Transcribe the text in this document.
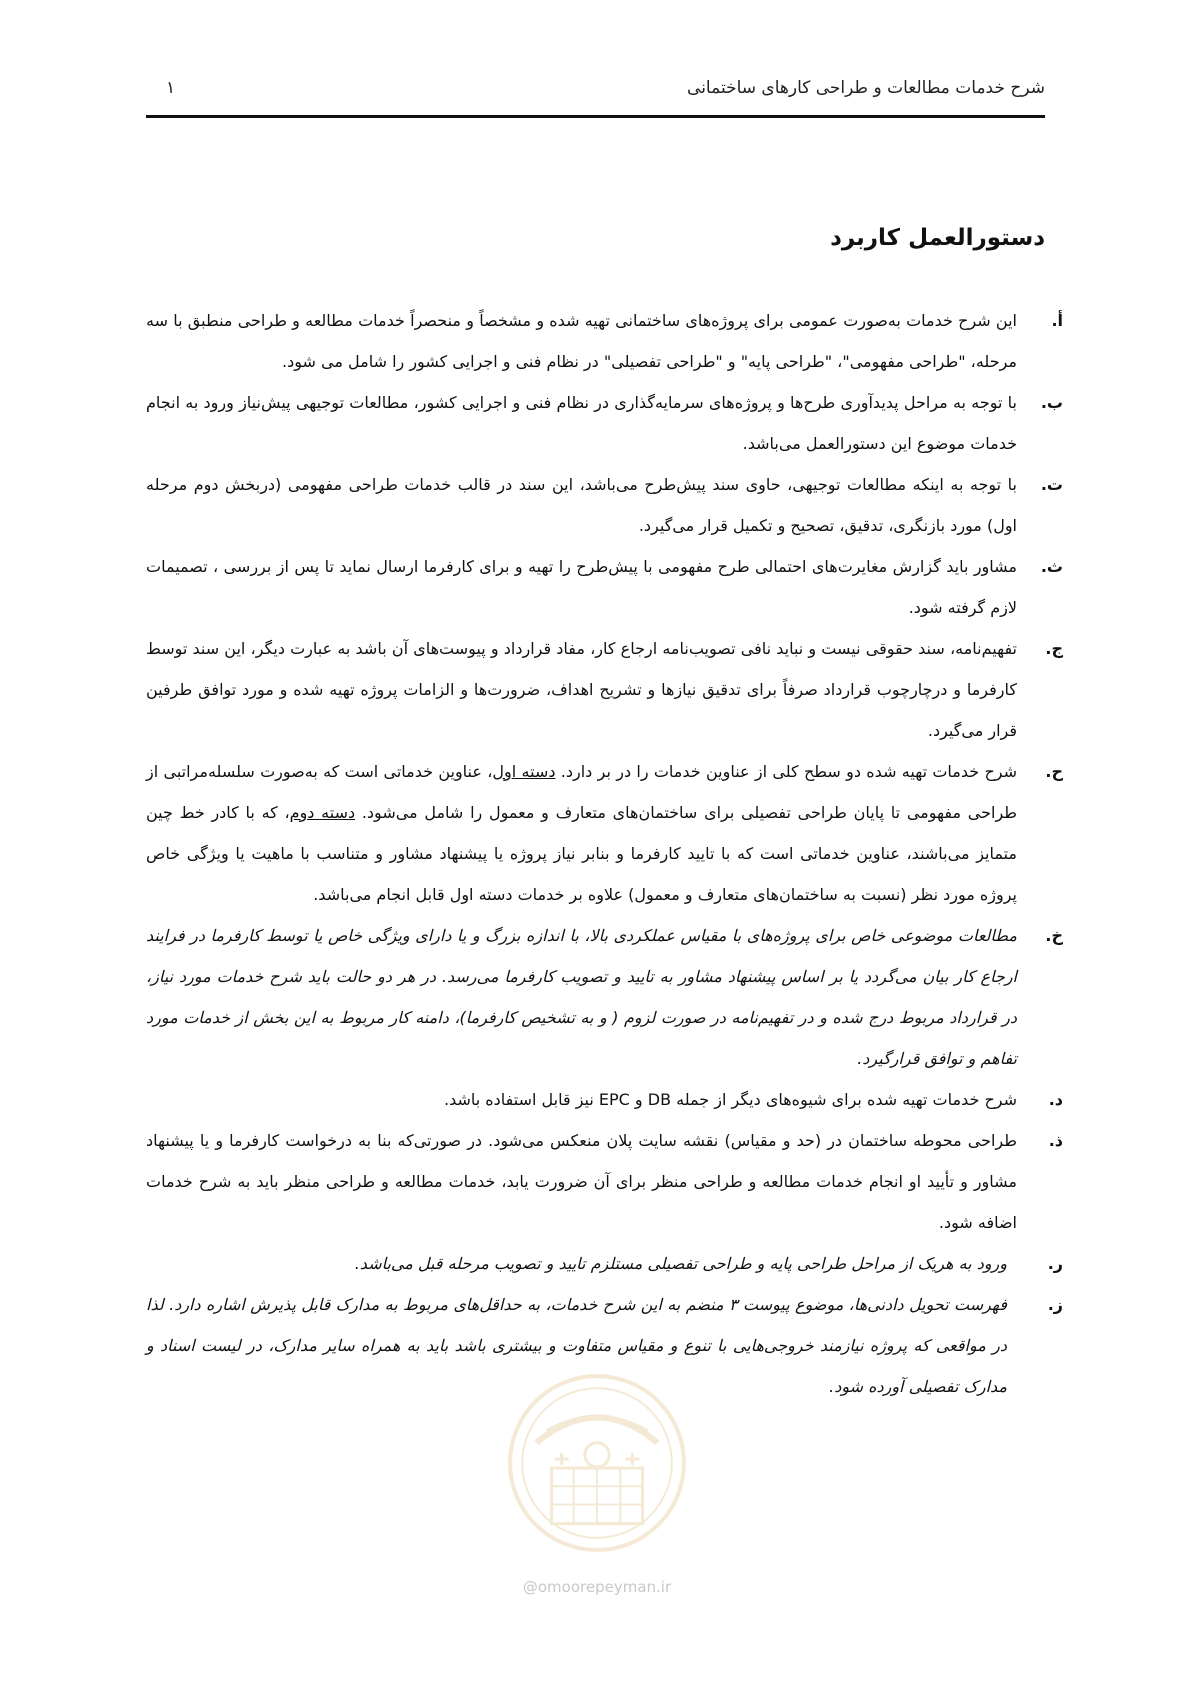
شرح خدمات مطالعات و طراحی کارهای ساختمانی
۱
دستورالعمل کاربرد
أ.
این شرح خدمات به‌صورت عمومی برای پروژه‌های ساختمانی تهیه شده و مشخصاً و منحصراً خدمات مطالعه و طراحی منطبق با سه مرحله، "طراحی مفهومی"، "طراحی پایه" و "طراحی تفصیلی" در نظام فنی و اجرایی کشور را شامل می شود.
ب.
با توجه به مراحل پدیدآوری طرح‌ها و پروژه‌های سرمایه‌گذاری در نظام فنی و اجرایی کشور، مطالعات توجیهی پیش‌نیاز ورود به انجام خدمات موضوع این دستورالعمل می‌باشد.
ت.
با توجه به اینکه مطالعات توجیهی، حاوی سند پیش‌طرح می‌باشد، این سند در قالب خدمات طراحی مفهومی (دربخش دوم مرحله اول) مورد بازنگری، تدقیق، تصحیح و تکمیل قرار می‌گیرد.
ث.
مشاور باید گزارش مغایرت‌های احتمالی طرح مفهومی با پیش‌طرح را تهیه و برای کارفرما ارسال نماید تا پس از بررسی ، تصمیمات لازم گرفته شود.
ج.
تفهیم‌نامه، سند حقوقی نیست و نباید نافی تصویب‌نامه ارجاع کار، مفاد قرارداد و پیوست‌های آن باشد به عبارت دیگر، این سند توسط کارفرما و درچارچوب قرارداد صرفاً برای تدقیق نیازها و تشریح اهداف، ضرورت‌ها و الزامات پروژه تهیه شده و مورد توافق طرفین قرار می‌گیرد.
ح.
شرح خدمات تهیه شده دو سطح کلی از عناوین خدمات را در بر دارد. دسته اول، عناوین خدماتی است که به‌صورت سلسله‌مراتبی از طراحی مفهومی تا پایان طراحی تفصیلی برای ساختمان‌های متعارف و معمول را شامل می‌شود. دسته دوم، که با کادر خط چین متمایز می‌باشند، عناوین خدماتی است که با تایید کارفرما و بنابر نیاز پروژه یا پیشنهاد مشاور و متناسب با ماهیت یا ویژگی خاص پروژه مورد نظر (نسبت به ساختمان‌های متعارف و معمول) علاوه بر خدمات دسته اول قابل انجام می‌باشد.
خ.
مطالعات موضوعی خاص برای پروژه‌های با مقیاس عملکردی بالا، با اندازه بزرگ و یا دارای ویژگی خاص یا توسط کارفرما در فرایند ارجاع کار بیان می‌گردد یا بر اساس پیشنهاد مشاور به تایید و تصویب کارفرما می‌رسد. در هر دو حالت باید شرح خدمات مورد نیاز، در قرارداد مربوط درج شده و در تفهیم‌نامه در صورت لزوم ( و به تشخیص کارفرما)، دامنه کار مربوط به این بخش از خدمات مورد تفاهم و توافق قرارگیرد.
د.
شرح خدمات تهیه شده برای شیوه‌های دیگر از جمله DB و EPC نیز قابل استفاده باشد.
ذ.
طراحی محوطه ساختمان در (حد و مقیاس) نقشه سایت پلان منعکس می‌شود. در صورتی‌که بنا به درخواست کارفرما و یا پیشنهاد مشاور و تأیید او انجام خدمات مطالعه و طراحی منظر برای آن ضرورت یابد، خدمات مطالعه و طراحی منظر باید به شرح خدمات اضافه شود.
ر.
ورود به هریک از مراحل طراحی پایه و طراحی تفصیلی مستلزم تایید و تصویب مرحله قبل می‌باشد.
ز.
فهرست تحویل دادنی‌ها، موضوع پیوست ۳ منضم به این شرح خدمات، به حداقل‌های مربوط به مدارک قابل پذیرش اشاره دارد. لذا در مواقعی که پروژه نیازمند خروجی‌هایی با تنوع و مقیاس متفاوت و بیشتری باشد باید به همراه سایر مدارک، در لیست اسناد و مدارک تفصیلی آورده شود.
@omoorepeyman.ir
